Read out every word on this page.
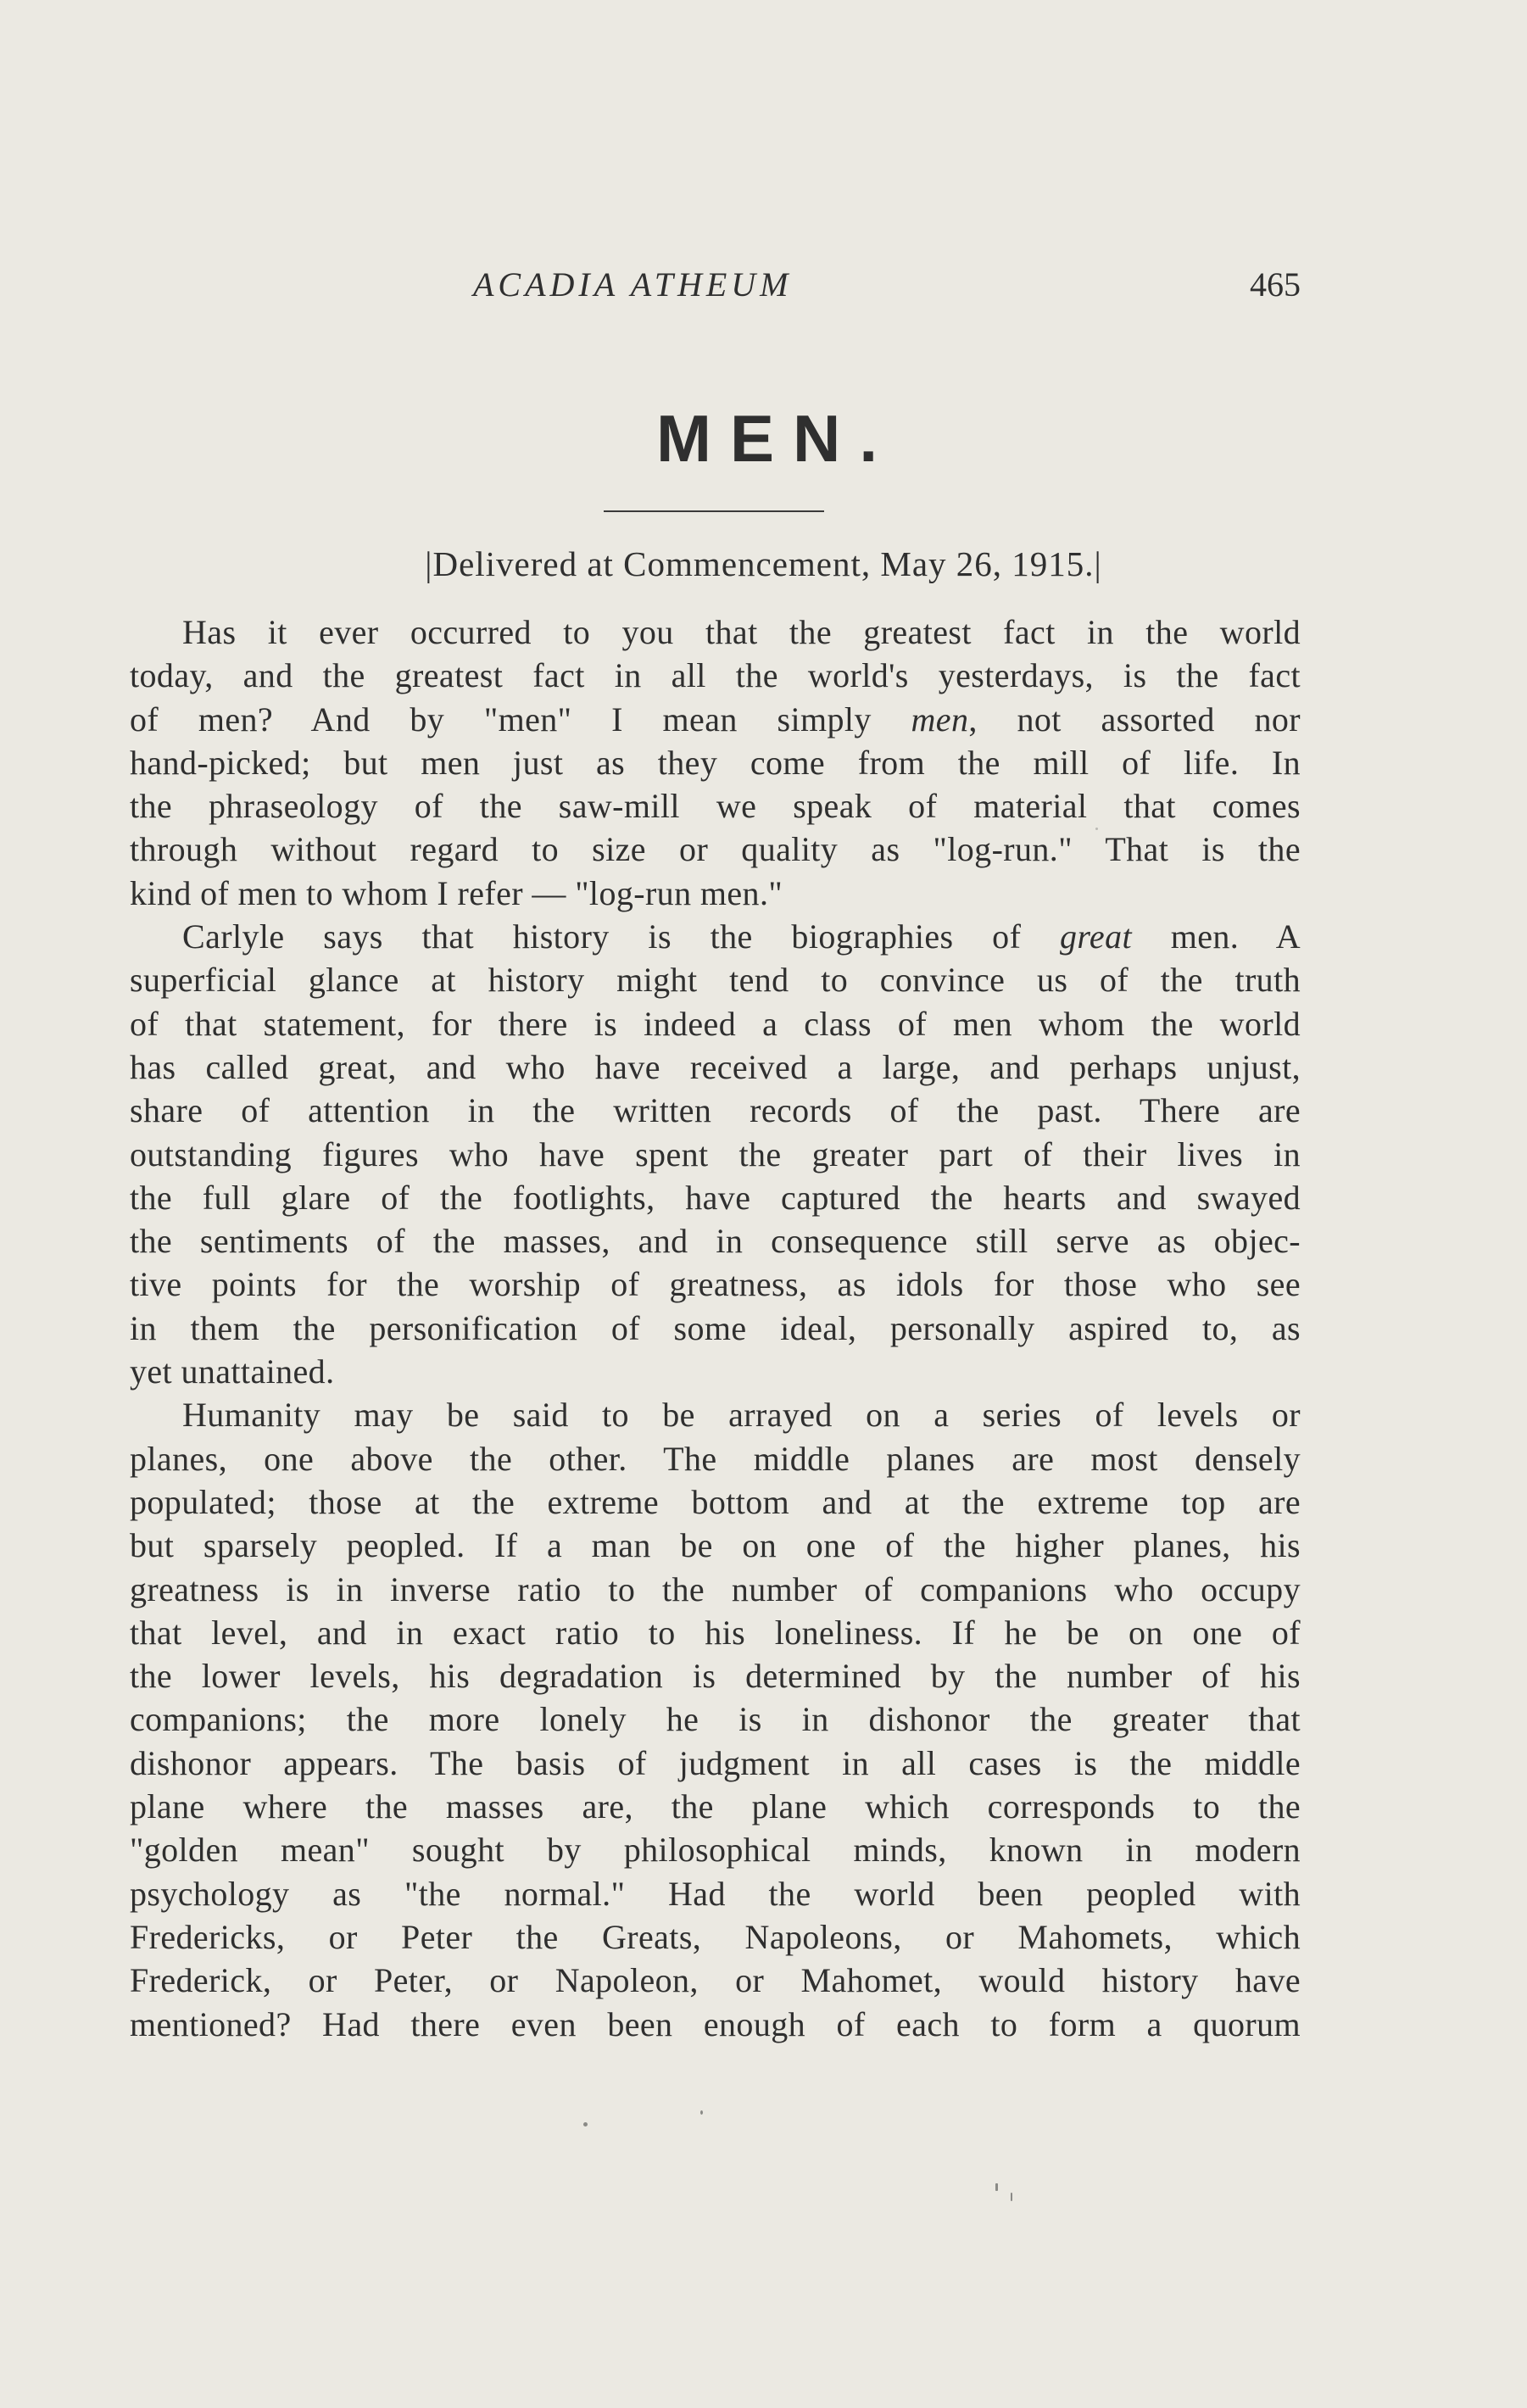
ACADIA ATHEUM	465
MEN.
|Delivered at Commencement, May 26, 1915.|
Has it ever occurred to you that the greatest fact in the world
today, and the greatest fact in all the world's yesterdays, is the fact
of men? And by "men" I mean simply men, not assorted nor
hand-picked; but men just as they come from the mill of life. In
the phraseology of the saw-mill we speak of material that comes
through without regard to size or quality as "log-run." That is the
kind of men to whom I refer — "log-run men."
Carlyle says that history is the biographies of great men. A
superficial glance at history might tend to convince us of the truth
of that statement, for there is indeed a class of men whom the world
has called great, and who have received a large, and perhaps unjust,
share of attention in the written records of the past. There are
outstanding figures who have spent the greater part of their lives in
the full glare of the footlights, have captured the hearts and swayed
the sentiments of the masses, and in consequence still serve as objec-
tive points for the worship of greatness, as idols for those who see
in them the personification of some ideal, personally aspired to, as
yet unattained.
Humanity may be said to be arrayed on a series of levels or
planes, one above the other. The middle planes are most densely
populated; those at the extreme bottom and at the extreme top are
but sparsely peopled. If a man be on one of the higher planes, his
greatness is in inverse ratio to the number of companions who occupy
that level, and in exact ratio to his loneliness. If he be on one of
the lower levels, his degradation is determined by the number of his
companions; the more lonely he is in dishonor the greater that
dishonor appears. The basis of judgment in all cases is the middle
plane where the masses are, the plane which corresponds to the
"golden mean" sought by philosophical minds, known in modern
psychology as "the normal." Had the world been peopled with
Fredericks, or Peter the Greats, Napoleons, or Mahomets, which
Frederick, or Peter, or Napoleon, or Mahomet, would history have
mentioned? Had there even been enough of each to form a quorum
